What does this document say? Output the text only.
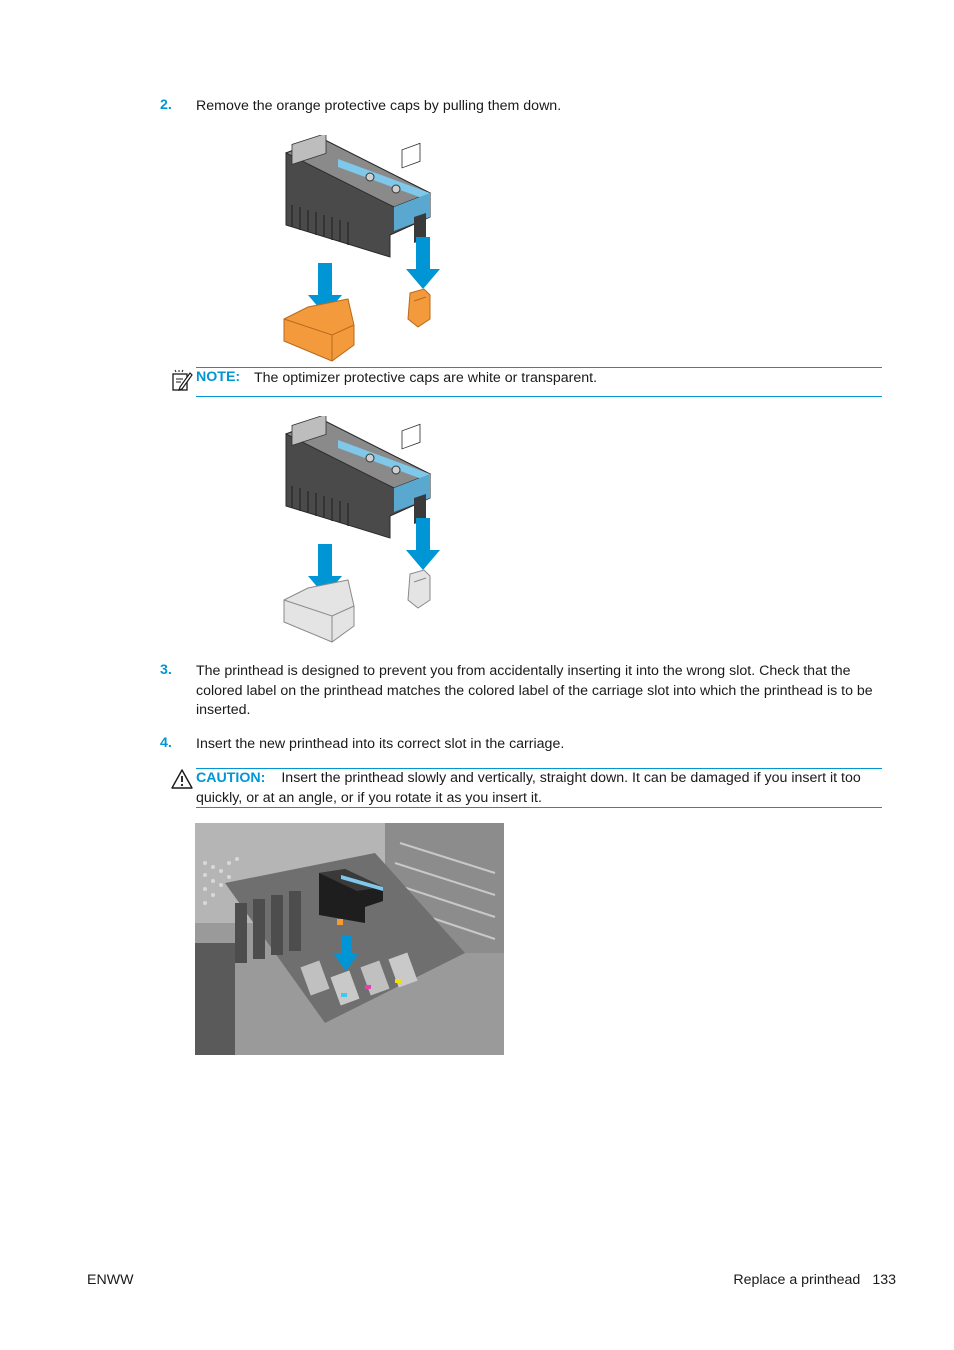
2. Remove the orange protective caps by pulling them down.
NOTE: The optimizer protective caps are white or transparent.
3. The printhead is designed to prevent you from accidentally inserting it into the wrong slot. Check that the colored label on the printhead matches the colored label of the carriage slot into which the printhead is to be inserted.
4. Insert the new printhead into its correct slot in the carriage.
CAUTION: Insert the printhead slowly and vertically, straight down. It can be damaged if you insert it too quickly, or at an angle, or if you rotate it as you insert it.
ENWW	Replace a printhead 133
